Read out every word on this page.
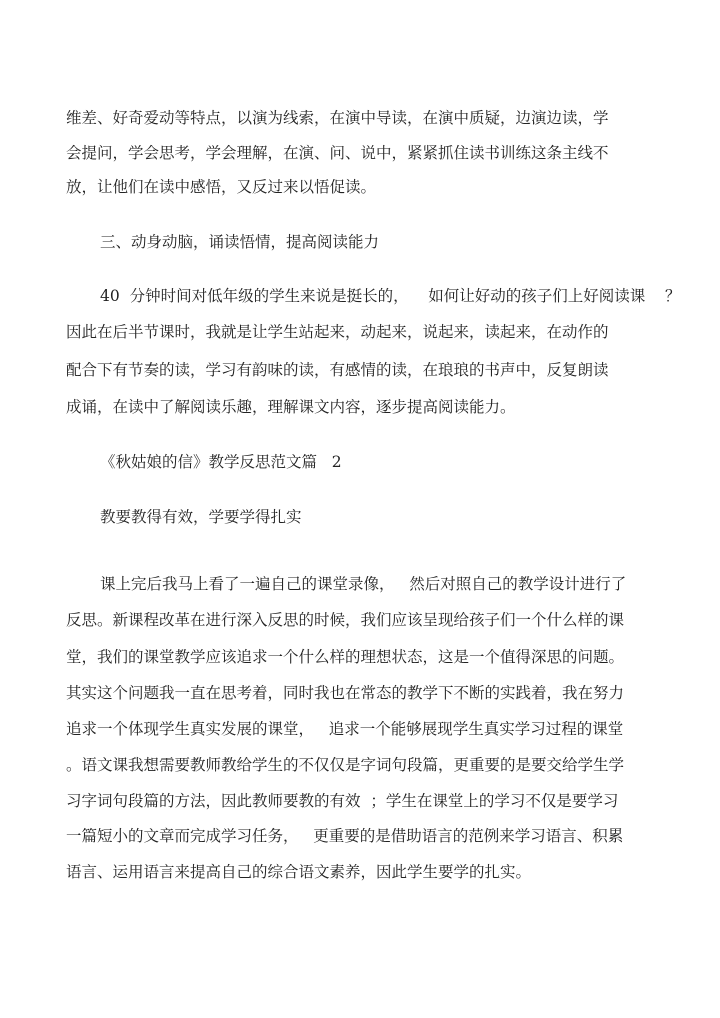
维差、好奇爱动等特点，以演为线索，在演中导读，在演中质疑，边演边读，学
会提问，学会思考，学会理解，在演、问、说中，紧紧抓住读书训练这条主线不
放，让他们在读中感悟，又反过来以悟促读。
三、动身动脑，诵读悟情，提高阅读能力
40  分钟时间对低年级的学生来说是挺长的，    如何让好动的孩子们上好阅读课    ？
因此在后半节课时，我就是让学生站起来，动起来，说起来，读起来，在动作的
配合下有节奏的读，学习有韵味的读，有感情的读，在琅琅的书声中，反复朗读
成诵，在读中了解阅读乐趣，理解课文内容，逐步提高阅读能力。
《秋姑娘的信》教学反思范文篇   2
教要教得有效，学要学得扎实
课上完后我马上看了一遍自己的课堂录像，   然后对照自己的教学设计进行了
反思。新课程改革在进行深入反思的时候，我们应该呈现给孩子们一个什么样的课
堂，我们的课堂教学应该追求一个什么样的理想状态，这是一个值得深思的问题。
其实这个问题我一直在思考着，同时我也在常态的教学下不断的实践着，我在努力
追求一个体现学生真实发展的课堂，   追求一个能够展现学生真实学习过程的课堂
。语文课我想需要教师教给学生的不仅仅是字词句段篇，更重要的是要交给学生学
习字词句段篇的方法，因此教师要教的有效  ；学生在课堂上的学习不仅是要学习
一篇短小的文章而完成学习任务，   更重要的是借助语言的范例来学习语言、积累
语言、运用语言来提高自己的综合语文素养，因此学生要学的扎实。
